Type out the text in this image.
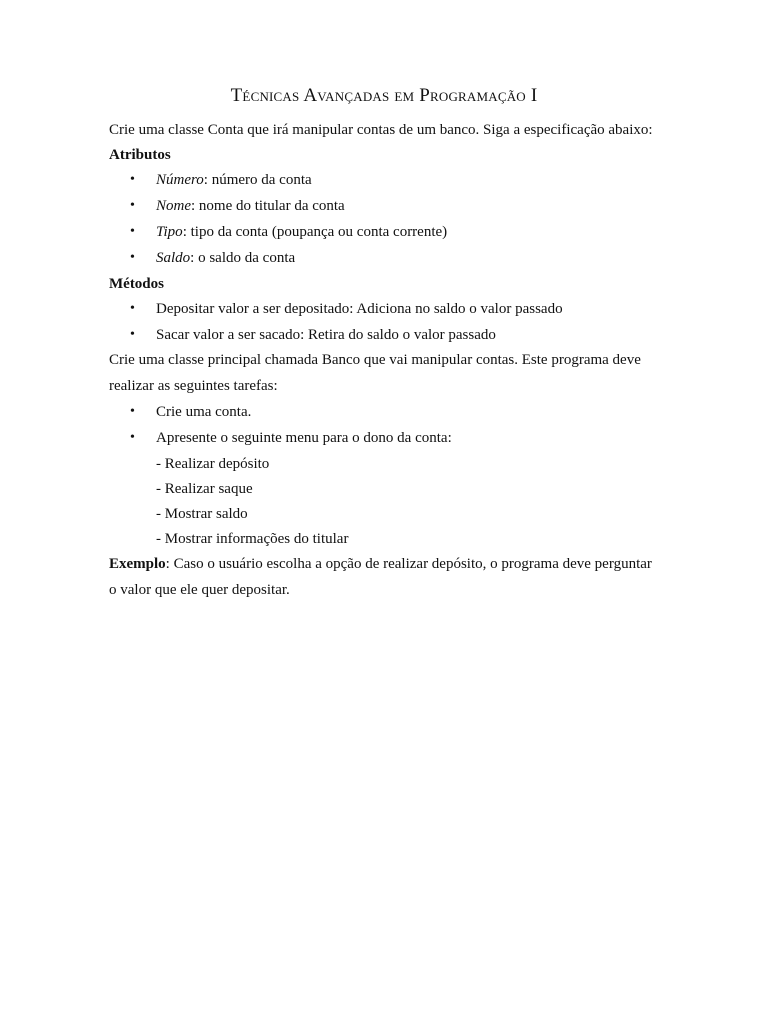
Técnicas Avançadas em Programação I
Crie uma classe Conta que irá manipular contas de um banco. Siga a especificação abaixo:
Atributos
•	Número: número da conta
•	Nome: nome do titular da conta
•	Tipo: tipo da conta (poupança ou conta corrente)
•	Saldo: o saldo da conta
Métodos
•	Depositar valor a ser depositado: Adiciona no saldo o valor passado
•	Sacar valor a ser sacado: Retira do saldo o valor passado
Crie uma classe principal chamada Banco que vai manipular contas. Este programa deve
realizar as seguintes tarefas:
•	Crie uma conta.
•	Apresente o seguinte menu para o dono da conta:
- Realizar depósito
- Realizar saque
- Mostrar saldo
- Mostrar informações do titular
Exemplo: Caso o usuário escolha a opção de realizar depósito, o programa deve perguntar
o valor que ele quer depositar.
